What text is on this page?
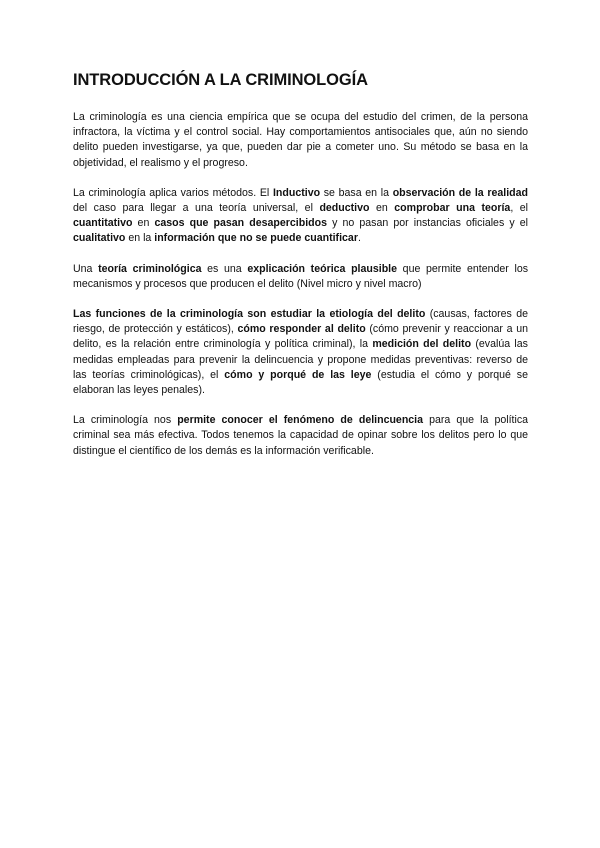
INTRODUCCIÓN A LA CRIMINOLOGÍA

La criminología es una ciencia empírica que se ocupa del estudio del crimen, de la persona infractora, la víctima y el control social. Hay comportamientos antisociales que, aún no siendo delito pueden investigarse, ya que, pueden dar pie a cometer uno. Su método se basa en la objetividad, el realismo y el progreso.

La criminología aplica varios métodos. El Inductivo se basa en la observación de la realidad del caso para llegar a una teoría universal, el deductivo en comprobar una teoría, el cuantitativo en casos que pasan desapercibidos y no pasan por instancias oficiales y el cualitativo en la información que no se puede cuantificar.

Una teoría criminológica es una explicación teórica plausible que permite entender los mecanismos y procesos que producen el delito (Nivel micro y nivel macro)

Las funciones de la criminología son estudiar la etiología del delito (causas, factores de riesgo, de protección y estáticos), cómo responder al delito (cómo prevenir y reaccionar a un delito, es la relación entre criminología y política criminal), la medición del delito (evalúa las medidas empleadas para prevenir la delincuencia y propone medidas preventivas: reverso de las teorías criminológicas), el cómo y porqué de las leye (estudia el cómo y porqué se elaboran las leyes penales).

La criminología nos permite conocer el fenómeno de delincuencia para que la política criminal sea más efectiva. Todos tenemos la capacidad de opinar sobre los delitos pero lo que distingue el científico de los demás es la información verificable.
